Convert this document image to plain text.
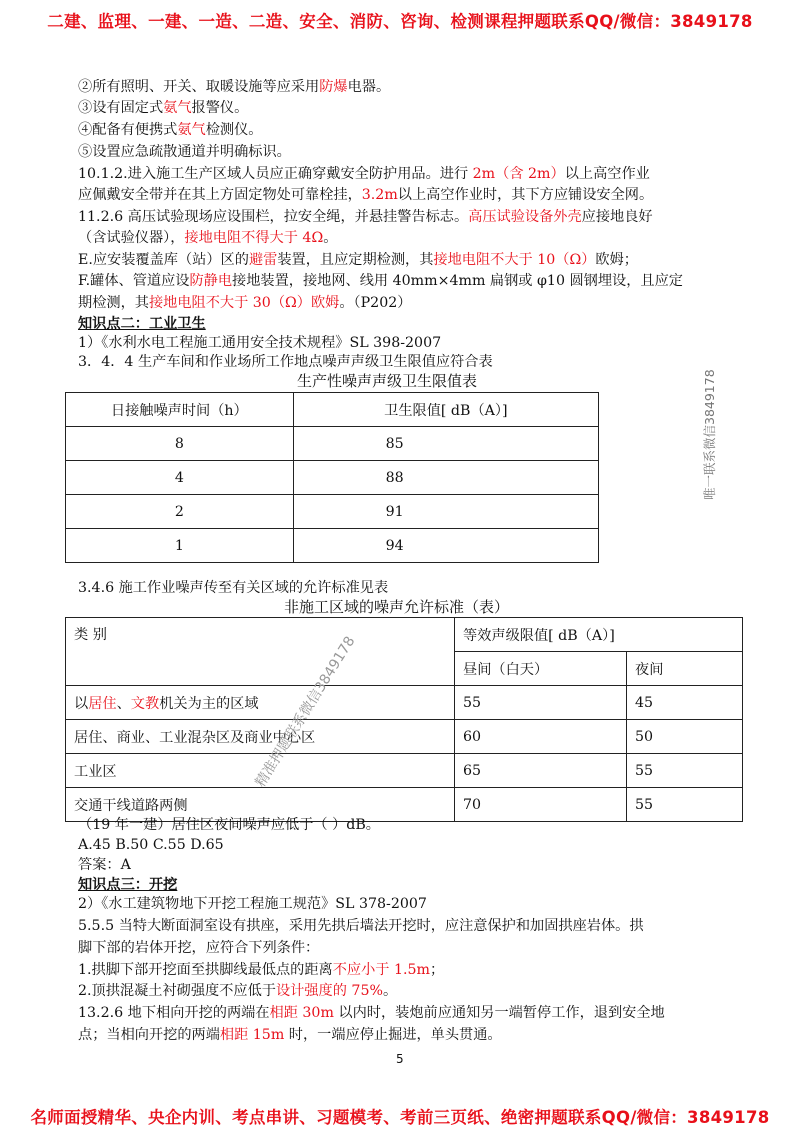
二建、监理、一建、一造、二造、安全、消防、咨询、检测课程押题联系QQ/微信：3849178
②所有照明、开关、取暖设施等应采用防爆电器。
③设有固定式氨气报警仪。
④配备有便携式氨气检测仪。
⑤设置应急疏散通道并明确标识。
10.1.2.进入施工生产区域人员应正确穿戴安全防护用品。进行 2m（含 2m）以上高空作业
应佩戴安全带并在其上方固定物处可靠栓挂，3.2m以上高空作业时，其下方应铺设安全网。
11.2.6 高压试验现场应设围栏，拉安全绳，并悬挂警告标志。高压试验设备外壳应接地良好
（含试验仪器），接地电阻不得大于 4Ω。
E.应安装覆盖库（站）区的避雷装置，且应定期检测，其接地电阻不大于 10（Ω）欧姆；
F.罐体、管道应设防静电接地装置，接地网、线用 40mm×4mm 扁钢或 φ10 圆钢埋设，且应定
期检测，其接地电阻不大于 30（Ω）欧姆。（P202）
知识点二：工业卫生
1）《水利水电工程施工通用安全技术规程》SL 398-2007
3．4．4 生产车间和作业场所工作地点噪声声级卫生限值应符合表
生产性噪声声级卫生限值表
日接触噪声时间（h）	卫生限值[ dB（A）]
8	85
4	88
2	91
1	94
3.4.6 施工作业噪声传至有关区域的允许标准见表
非施工区域的噪声允许标准（表）
类 别	等效声级限值[ dB（A）]	
	昼间（白天）	夜间
以居住、文教机关为主的区域	55	45
居住、商业、工业混杂区及商业中心区	60	50
工业区	65	55
交通干线道路两侧	70	55
（19 年一建）居住区夜间噪声应低于（ ）dB。
A.45 B.50 C.55 D.65
答案：A
知识点三：开挖
2）《水工建筑物地下开挖工程施工规范》SL 378-2007
5.5.5 当特大断面洞室设有拱座，采用先拱后墙法开挖时，应注意保护和加固拱座岩体。拱
脚下部的岩体开挖，应符合下列条件：
1.拱脚下部开挖面至拱脚线最低点的距离不应小于 1.5m；
2.顶拱混凝土衬砌强度不应低于设计强度的 75%。
13.2.6 地下相向开挖的两端在相距 30m 以内时，装炮前应通知另一端暂停工作，退到安全地
点；当相向开挖的两端相距 15m 时，一端应停止掘进，单头贯通。
唯一联系微信3849178
精准押题联系微信3849178
5
名师面授精华、央企内训、考点串讲、习题模考、考前三页纸、绝密押题联系QQ/微信：3849178
